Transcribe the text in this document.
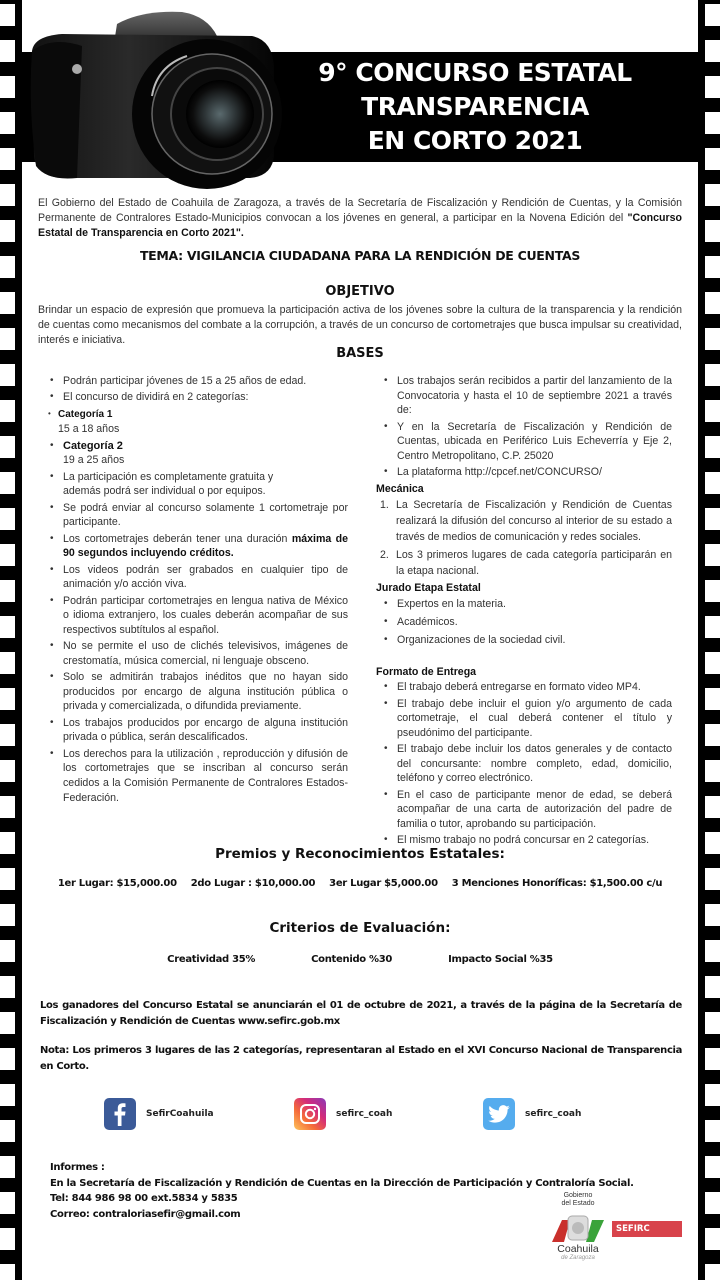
9° CONCURSO ESTATAL
TRANSPARENCIA
EN CORTO 2021

El Gobierno del Estado de Coahuila de Zaragoza, a través de la Secretaría de Fiscalización y Rendición de Cuentas, y la Comisión Permanente de Contralores Estado-Municipios convocan a los jóvenes en general, a participar en la Novena Edición del "Concurso Estatal de Transparencia en Corto 2021".

TEMA: VIGILANCIA CIUDADANA PARA LA RENDICIÓN DE CUENTAS
OBJETIVO

Brindar un espacio de expresión que promueva la participación activa de los jóvenes sobre la cultura de la transparencia y la rendición de cuentas como mecanismos del combate a la corrupción, a través de un concurso de cortometrajes que busca impulsar su creatividad, interés e iniciativa.

BASES
• Podrán participar jóvenes de 15 a 25 años de edad.
• El concurso de dividirá en 2 categorías:
• Categoría 1
15 a 18 años
• Categoría 2
19 a 25 años
• La participación es completamente gratuita y
además podrá ser individual o por equipos.
• Se podrá enviar al concurso solamente 1 cortometraje por participante.
• Los cortometrajes deberán tener una duración máxima de 90 segundos incluyendo créditos.
• Los videos podrán ser grabados en cualquier tipo de animación y/o acción viva.
• Podrán participar cortometrajes en lengua nativa de México o idioma extranjero, los cuales deberán acompañar de sus respectivos subtítulos al español.
• No se permite el uso de clichés televisivos, imágenes de crestomatía, música comercial, ni lenguaje obsceno.
• Solo se admitirán trabajos inéditos que no hayan sido producidos por encargo de alguna institución pública o privada y comercializada, o difundida previamente.
• Los trabajos producidos por encargo de alguna institución privada o pública, serán descalificados.
• Los derechos para la utilización , reproducción y difusión de los cortometrajes que se inscriban al concurso serán cedidos a la Comisión Permanente de Contralores Estados-Federación.
• Los trabajos serán recibidos a partir del lanzamiento de la Convocatoria y hasta el 10 de septiembre 2021 a través de:
• Y en la Secretaría de Fiscalización y Rendición de Cuentas, ubicada en Periférico Luis Echeverría y Eje 2, Centro Metropolitano, C.P. 25020
• La plataforma http://cpcef.net/CONCURSO/
Mecánica
1. La Secretaría de Fiscalización y Rendición de Cuentas realizará la difusión del concurso al interior de su estado a través de medios de comunicación y redes sociales.
2. Los 3 primeros lugares de cada categoría participarán en la etapa nacional.
Jurado Etapa Estatal
• Expertos en la materia.
• Académicos.
• Organizaciones de la sociedad civil.
Formato de Entrega
• El trabajo deberá entregarse en formato video MP4.
• El trabajo debe incluir el guion y/o argumento de cada cortometraje, el cual deberá contener el título y pseudónimo del participante.
• El trabajo debe incluir los datos generales y de contacto del concursante: nombre completo, edad, domicilio, teléfono y correo electrónico.
• En el caso de participante menor de edad, se deberá acompañar de una carta de autorización del padre de familia o tutor, aprobando su participación.
• El mismo trabajo no podrá concursar en 2 categorías.
Premios y Reconocimientos Estatales:
1er Lugar: $15,000.00 2do Lugar : $10,000.00 3er Lugar $5,000.00 3 Menciones Honoríficas: $1,500.00 c/u
Criterios de Evaluación:
Creatividad 35%	Contenido %30	Impacto Social %35

Los ganadores del Concurso Estatal se anunciarán el 01 de octubre de 2021, a través de la página de la Secretaría de Fiscalización y Rendición de Cuentas www.sefirc.gob.mx

Nota: Los primeros 3 lugares de las 2 categorías, representaran al Estado en el XVI Concurso Nacional de Transparencia en Corto.

SefirCoahuila	sefirc_coah	sefirc_coah
Informes :
En la Secretaría de Fiscalización y Rendición de Cuentas en la Dirección de Participación y Contraloría Social.
Tel: 844 986 98 00 ext.5834 y 5835
Correo: contraloriasefir@gmail.com
Gobierno del Estado
SEFIRC
Coahuila
de Zaragoza
